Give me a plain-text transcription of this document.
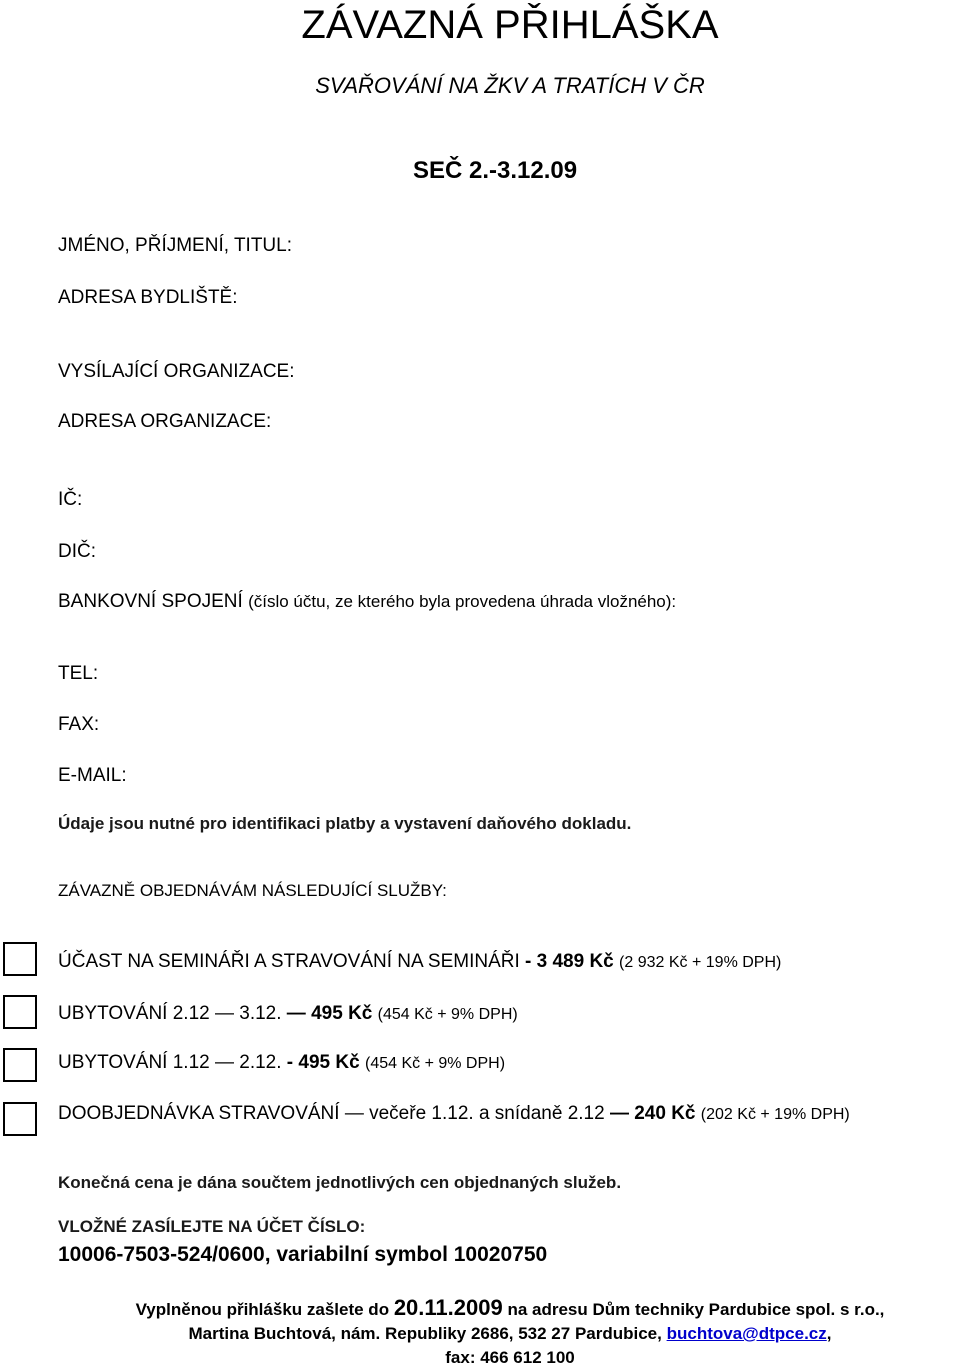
ZÁVAZNÁ PŘIHLÁŠKA
SVAŘOVÁNÍ NA ŽKV A TRATÍCH V ČR
SEČ 2.-3.12.09
JMÉNO, PŘÍJMENÍ, TITUL:
ADRESA BYDLIŠTĚ:
VYSÍLAJÍCÍ ORGANIZACE:
ADRESA ORGANIZACE:
IČ:
DIČ:
BANKOVNÍ SPOJENÍ (číslo účtu, ze kterého byla provedena úhrada vložného):
TEL:
FAX:
E-MAIL:
Údaje jsou nutné pro identifikaci platby a vystavení daňového dokladu.
ZÁVAZNĚ OBJEDNÁVÁM NÁSLEDUJÍCÍ SLUŽBY:
ÚČAST NA SEMINÁŘI A STRAVOVÁNÍ NA SEMINÁŘI - 3 489 Kč (2 932 Kč + 19% DPH)
UBYTOVÁNÍ 2.12 — 3.12. — 495 Kč (454 Kč + 9% DPH)
UBYTOVÁNÍ 1.12 — 2.12. - 495 Kč (454 Kč + 9% DPH)
DOOBJEDNÁVKA STRAVOVÁNÍ — večeře 1.12. a snídaně 2.12 — 240 Kč (202 Kč + 19% DPH)
Konečná cena je dána součtem jednotlivých cen objednaných služeb.
VLOŽNÉ ZASÍLEJTE NA ÚČET ČÍSLO:
10006-7503-524/0600, variabilní symbol 10020750
Vyplněnou přihlášku zašlete do 20.11.2009 na adresu Dům techniky Pardubice spol. s r.o.,
Martina Buchtová, nám. Republiky 2686, 532 27 Pardubice, buchtova@dtpce.cz,
fax: 466 612 100
